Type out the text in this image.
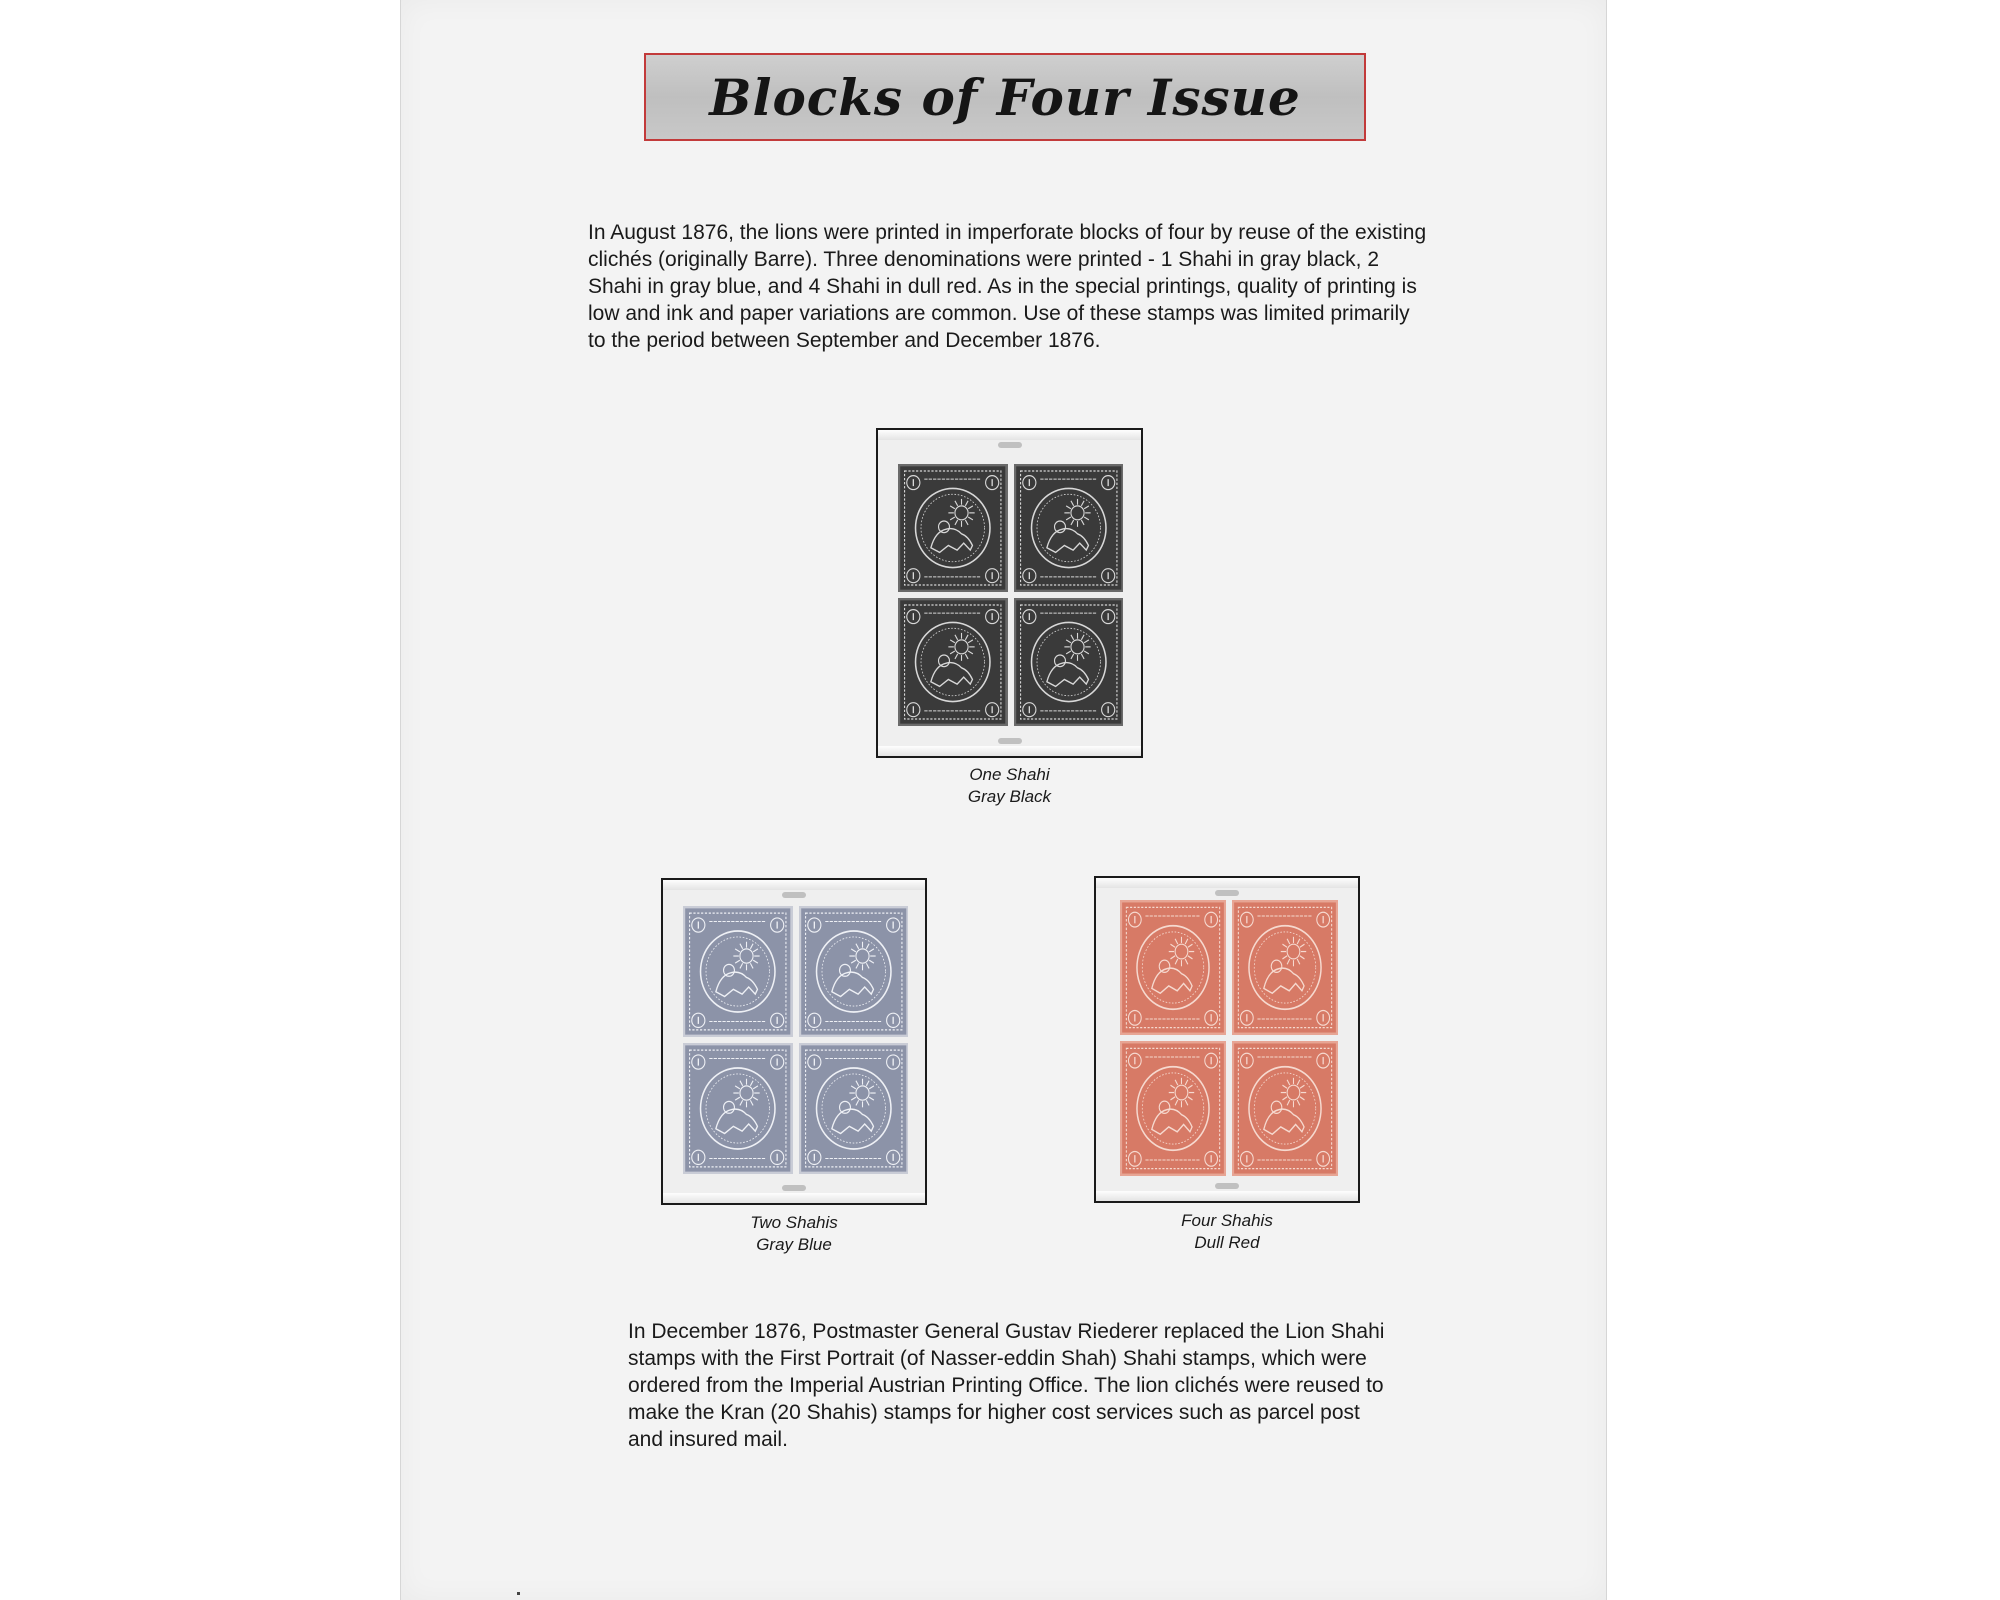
Blocks of Four Issue

In August 1876, the lions were printed in imperforate blocks of four by reuse of the existing clichés (originally Barre). Three denominations were printed - 1 Shahi in gray black, 2 Shahi in gray blue, and 4 Shahi in dull red. As in the special printings, quality of printing is low and ink and paper variations are common. Use of these stamps was limited primarily to the period between September and December 1876.

One Shahi
Gray Black
Two Shahis
Gray Blue
Four Shahis
Dull Red

In December 1876, Postmaster General Gustav Riederer replaced the Lion Shahi stamps with the First Portrait (of Nasser-eddin Shah) Shahi stamps, which were ordered from the Imperial Austrian Printing Office. The lion clichés were reused to make the Kran (20 Shahis) stamps for higher cost services such as parcel post and insured mail.
